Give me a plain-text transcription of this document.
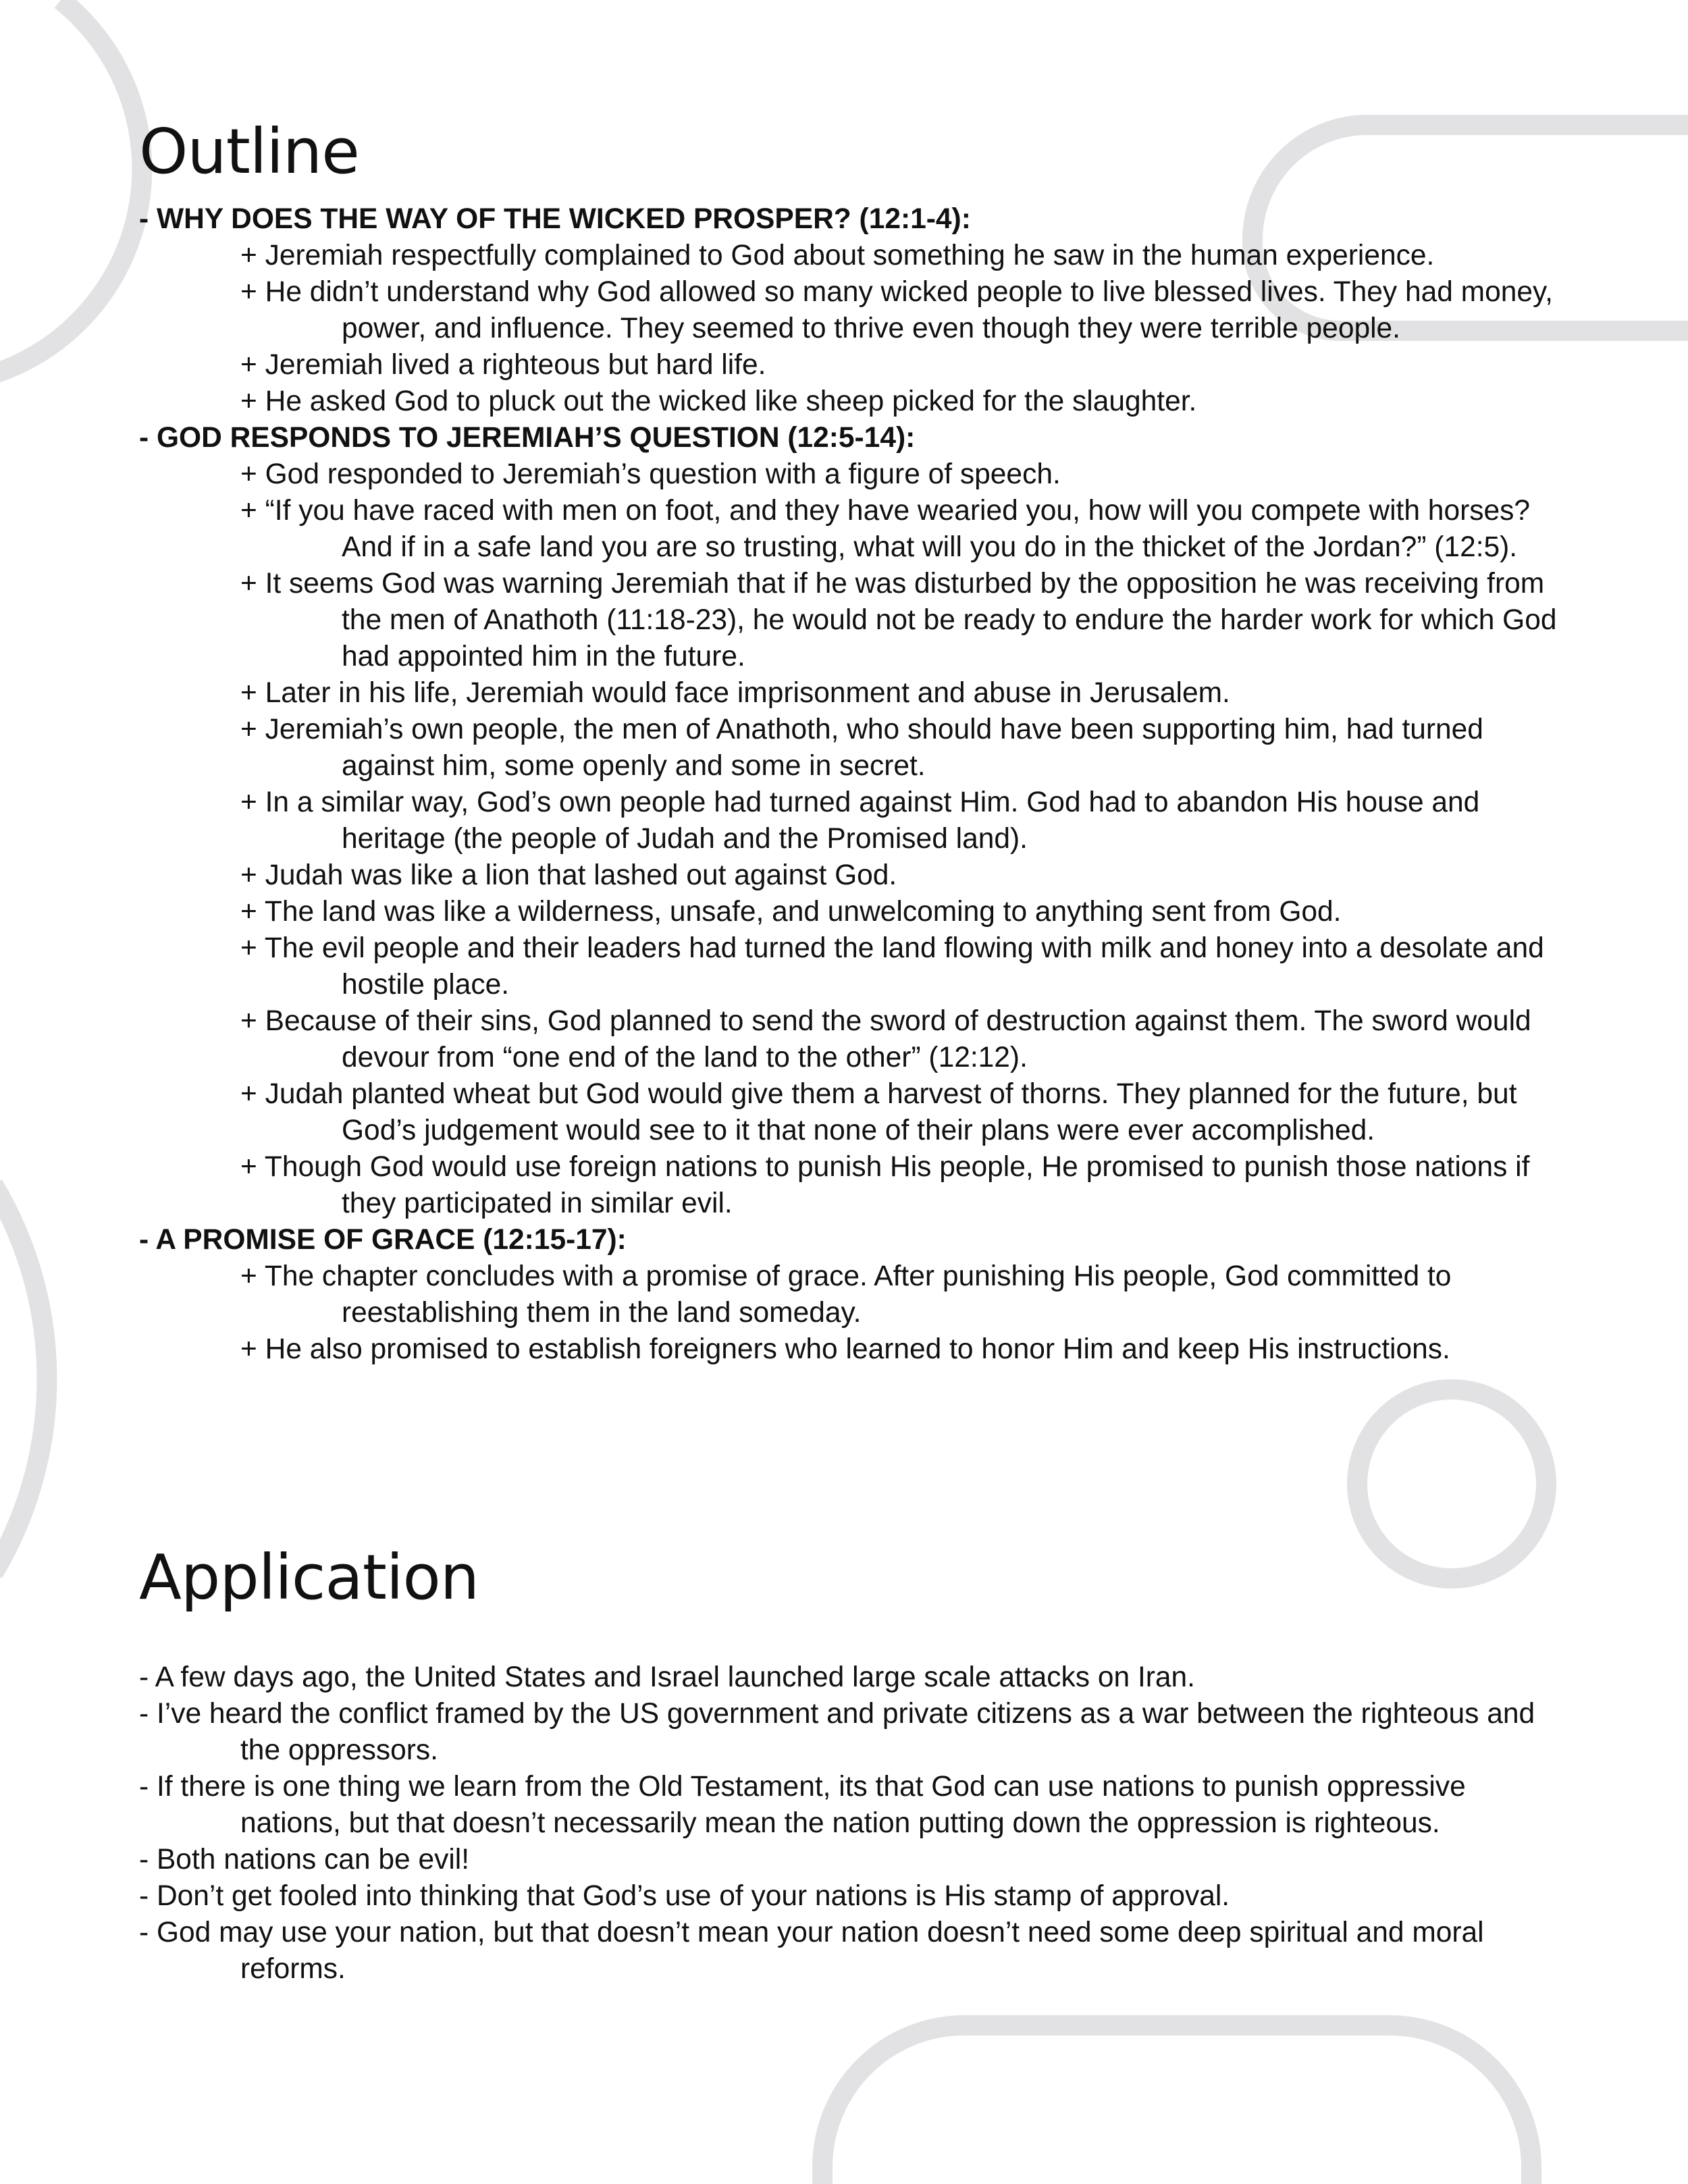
Outline
- WHY DOES THE WAY OF THE WICKED PROSPER? (12:1-4):
+ Jeremiah respectfully complained to God about something he saw in the human experience.
+ He didn’t understand why God allowed so many wicked people to live blessed lives. They had money, power, and influence. They seemed to thrive even though they were terrible people.
+ Jeremiah lived a righteous but hard life.
+ He asked God to pluck out the wicked like sheep picked for the slaughter.
- GOD RESPONDS TO JEREMIAH’S QUESTION (12:5-14):
+ God responded to Jeremiah’s question with a figure of speech.
+ “If you have raced with men on foot, and they have wearied you, how will you compete with horses? And if in a safe land you are so trusting, what will you do in the thicket of the Jordan?” (12:5).
+ It seems God was warning Jeremiah that if he was disturbed by the opposition he was receiving from the men of Anathoth (11:18-23), he would not be ready to endure the harder work for which God had appointed him in the future.
+ Later in his life, Jeremiah would face imprisonment and abuse in Jerusalem.
+ Jeremiah’s own people, the men of Anathoth, who should have been supporting him, had turned against him, some openly and some in secret.
+ In a similar way, God’s own people had turned against Him. God had to abandon His house and heritage (the people of Judah and the Promised land).
+ Judah was like a lion that lashed out against God.
+ The land was like a wilderness, unsafe, and unwelcoming to anything sent from God.
+ The evil people and their leaders had turned the land flowing with milk and honey into a desolate and hostile place.
+ Because of their sins, God planned to send the sword of destruction against them. The sword would devour from “one end of the land to the other” (12:12).
+ Judah planted wheat but God would give them a harvest of thorns. They planned for the future, but God’s judgement would see to it that none of their plans were ever accomplished.
+ Though God would use foreign nations to punish His people, He promised to punish those nations if they participated in similar evil.
- A PROMISE OF GRACE (12:15-17):
+ The chapter concludes with a promise of grace. After punishing His people, God committed to reestablishing them in the land someday.
+ He also promised to establish foreigners who learned to honor Him and keep His instructions.
Application
- A few days ago, the United States and Israel launched large scale attacks on Iran.
- I’ve heard the conflict framed by the US government and private citizens as a war between the righteous and the oppressors.
- If there is one thing we learn from the Old Testament, its that God can use nations to punish oppressive nations, but that doesn’t necessarily mean the nation putting down the oppression is righteous.
- Both nations can be evil!
- Don’t get fooled into thinking that God’s use of your nations is His stamp of approval.
- God may use your nation, but that doesn’t mean your nation doesn’t need some deep spiritual and moral reforms.
